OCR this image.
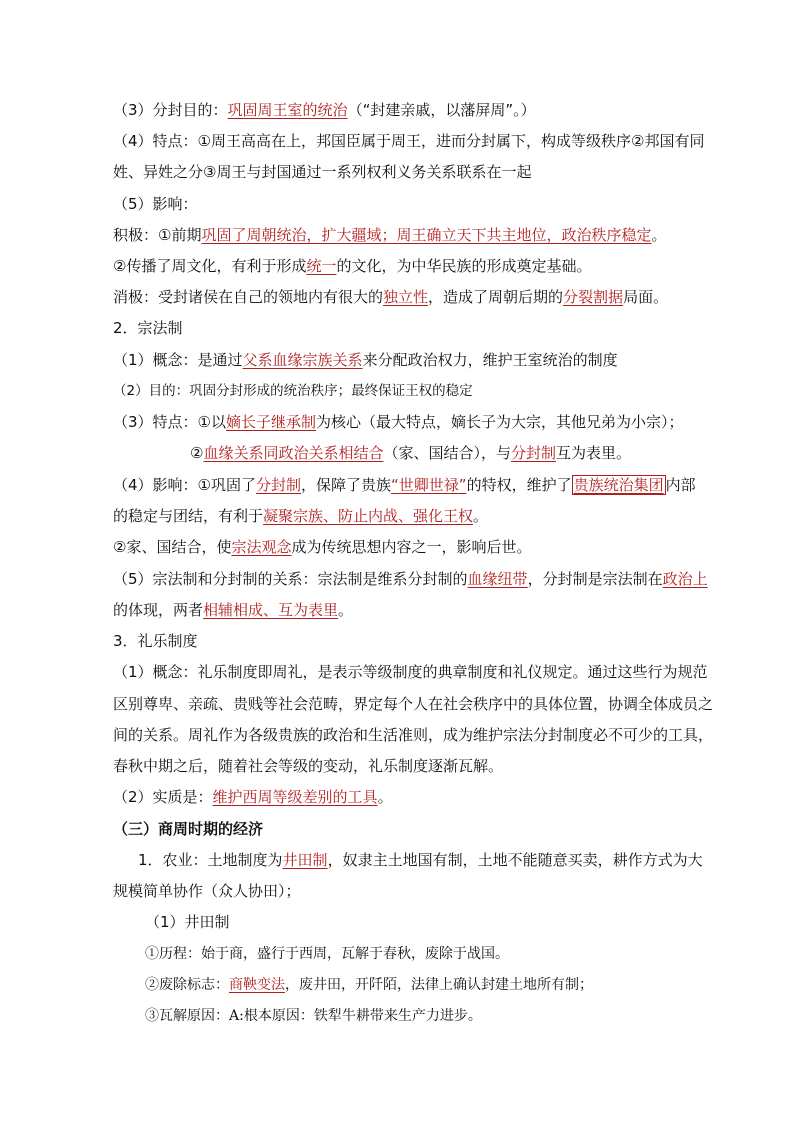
（3）分封目的：巩固周王室的统治（“封建亲戚，以藩屏周”。）
（4）特点：①周王高高在上，邦国臣属于周王，进而分封属下，构成等级秩序②邦国有同
姓、异姓之分③周王与封国通过一系列权利义务关系联系在一起
（5）影响：
积极：①前期巩固了周朝统治，扩大疆域；周王确立天下共主地位，政治秩序稳定。
②传播了周文化，有利于形成统一的文化，为中华民族的形成奠定基础。
消极：受封诸侯在自己的领地内有很大的独立性，造成了周朝后期的分裂割据局面。
2．宗法制
（1）概念：是通过父系血缘宗族关系来分配政治权力，维护王室统治的制度
（2）目的：巩固分封形成的统治秩序；最终保证王权的稳定
（3）特点：①以嫡长子继承制为核心（最大特点，嫡长子为大宗，其他兄弟为小宗）；
②血缘关系同政治关系相结合（家、国结合），与分封制互为表里。
（4）影响：①巩固了分封制，保障了贵族“世卿世禄”的特权，维护了 贵族统治集团 内部
的稳定与团结，有利于凝聚宗族、防止内战、强化王权。
②家、国结合，使宗法观念成为传统思想内容之一，影响后世。
（5）宗法制和分封制的关系：宗法制是维系分封制的血缘纽带，分封制是宗法制在政治上
的体现，两者相辅相成、互为表里。
3．礼乐制度
（1）概念：礼乐制度即周礼，是表示等级制度的典章制度和礼仪规定。通过这些行为规范
区别尊卑、亲疏、贵贱等社会范畴，界定每个人在社会秩序中的具体位置，协调全体成员之
间的关系。周礼作为各级贵族的政治和生活准则，成为维护宗法分封制度必不可少的工具，
春秋中期之后，随着社会等级的变动，礼乐制度逐渐瓦解。
（2）实质是：维护西周等级差别的工具。
（三）商周时期的经济
1．农业：土地制度为井田制，奴隶主土地国有制，土地不能随意买卖，耕作方式为大
规模简单协作（众人协田）；
（1）井田制
①历程：始于商，盛行于西周，瓦解于春秋，废除于战国。
②废除标志：商鞅变法，废井田，开阡陌，法律上确认封建土地所有制；
③瓦解原因：A:根本原因：铁犁牛耕带来生产力进步。
